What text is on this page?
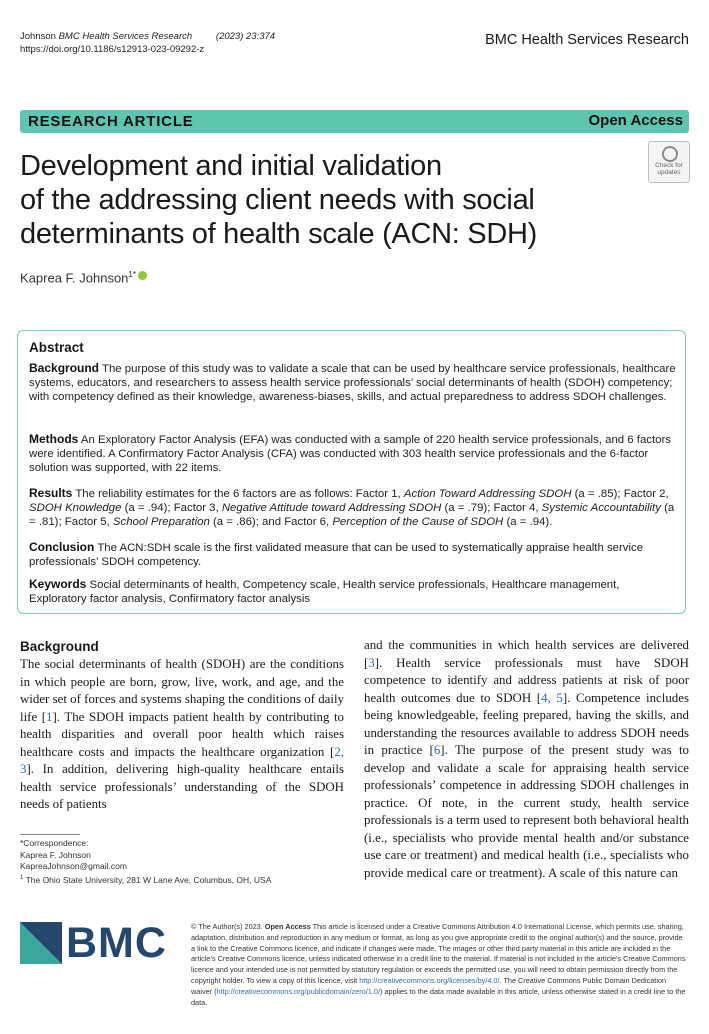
Johnson BMC Health Services Research	(2023) 23:374
https://doi.org/10.1186/s12913-023-09292-z
BMC Health Services Research
RESEARCH ARTICLE	Open Access
Check for
updates
Development and initial validation
of the addressing client needs with social
determinants of health scale (ACN: SDH)
Kaprea F. Johnson$^{1*}$
Abstract
Background The purpose of this study was to validate a scale that can be used by healthcare service professionals, healthcare systems, educators, and researchers to assess health service professionals’ social determinants of health (SDOH) competency; with competency defined as their knowledge, awareness-biases, skills, and actual preparedness to address SDOH challenges.
Methods An Exploratory Factor Analysis (EFA) was conducted with a sample of 220 health service professionals, and 6 factors were identified. A Confirmatory Factor Analysis (CFA) was conducted with 303 health service professionals and the 6-factor solution was supported, with 22 items.
Results The reliability estimates for the 6 factors are as follows: Factor 1, Action Toward Addressing SDOH (a = .85); Factor 2, SDOH Knowledge (a = .94); Factor 3, Negative Attitude toward Addressing SDOH (a = .79); Factor 4, Systemic Accountability (a = .81); Factor 5, School Preparation (a = .86); and Factor 6, Perception of the Cause of SDOH (a = .94).
Conclusion The ACN:SDH scale is the first validated measure that can be used to systematically appraise health service professionals’ SDOH competency.
Keywords Social determinants of health, Competency scale, Health service professionals, Healthcare management, Exploratory factor analysis, Confirmatory factor analysis
Background
The social determinants of health (SDOH) are the conditions in which people are born, grow, live, work, and age, and the wider set of forces and systems shaping the conditions of daily life [1]. The SDOH impacts patient health by contributing to health disparities and overall poor health which raises healthcare costs and impacts the healthcare organization [2, 3]. In addition, delivering high-quality healthcare entails health service professionals’ understanding of the SDOH needs of patients
and the communities in which health services are delivered [3]. Health service professionals must have SDOH competence to identify and address patients at risk of poor health outcomes due to SDOH [4, 5]. Competence includes being knowledgeable, feeling prepared, having the skills, and understanding the resources available to address SDOH needs in practice [6]. The purpose of the present study was to develop and validate a scale for appraising health service professionals’ competence in addressing SDOH challenges in practice. Of note, in the current study, health service professionals is a term used to represent both behavioral health (i.e., specialists who provide mental health and/or substance use care or treatment) and medical health (i.e., specialists who provide medical care or treatment). A scale of this nature can
*Correspondence:
Kaprea F. Johnson
KapreaJohnson@gmail.com
$^1$ The Ohio State University, 281 W Lane Ave, Columbus, OH, USA
BMC	© The Author(s) 2023. Open Access This article is licensed under a Creative Commons Attribution 4.0 International License, which permits use, sharing, adaptation, distribution and reproduction in any medium or format, as long as you give appropriate credit to the original author(s) and the source, provide a link to the Creative Commons licence, and indicate if changes were made. The images or other third party material in this article are included in the article’s Creative Commons licence, unless indicated otherwise in a credit line to the material. If material is not included in the article’s Creative Commons licence and your intended use is not permitted by statutory regulation or exceeds the permitted use, you will need to obtain permission directly from the copyright holder. To view a copy of this licence, visit http://creativecommons.org/licenses/by/4.0/. The Creative Commons Public Domain Dedication waiver (http://creativecommons.org/publicdomain/zero/1.0/) applies to the data made available in this article, unless otherwise stated in a credit line to the data.
